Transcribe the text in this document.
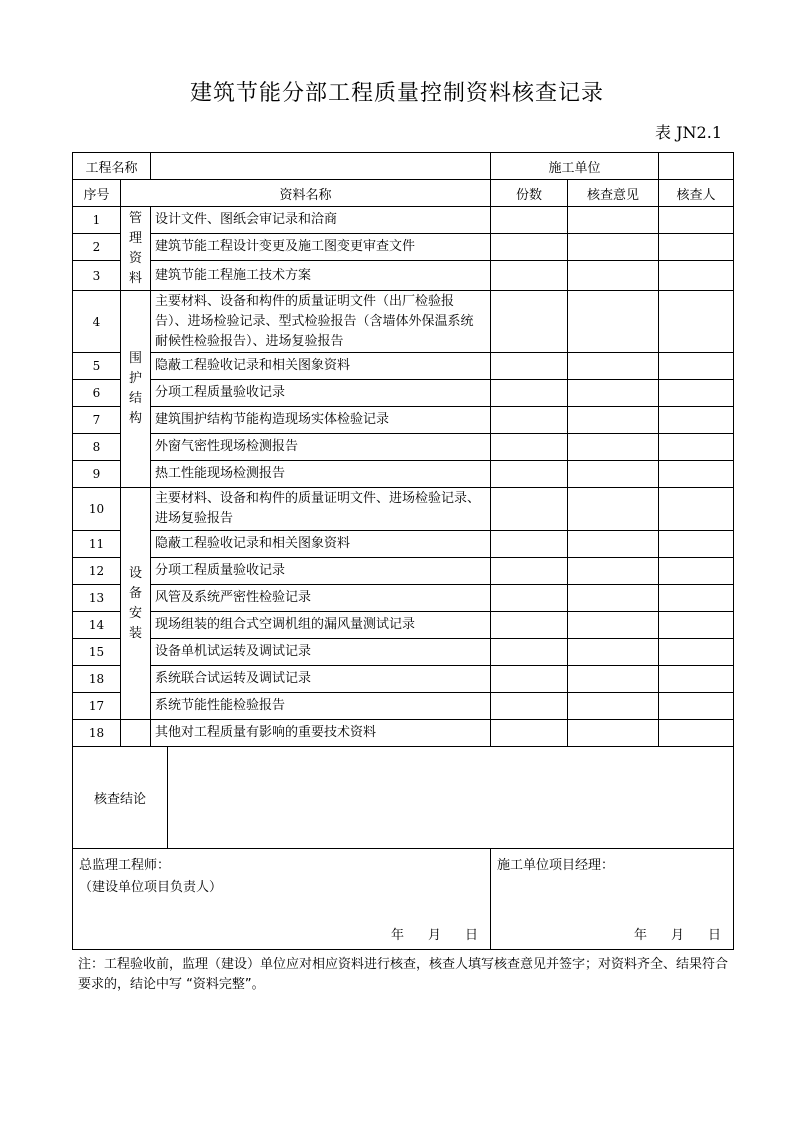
建筑节能分部工程质量控制资料核查记录
表 JN2.1
工程名称				施工单位		
序号	资料名称			份数	核查意见	核查人
1	管理资料	设计文件、图纸会审记录和洽商				
2		建筑节能工程设计变更及施工图变更审查文件				
3		建筑节能工程施工技术方案				
4	围护结构	主要材料、设备和构件的质量证明文件（出厂检验报告）、进场检验记录、型式检验报告（含墙体外保温系统耐候性检验报告）、进场复验报告				
5		隐蔽工程验收记录和相关图象资料				
6		分项工程质量验收记录				
7		建筑围护结构节能构造现场实体检验记录				
8		外窗气密性现场检测报告				
9		热工性能现场检测报告				
10	设备安装	主要材料、设备和构件的质量证明文件、进场检验记录、进场复验报告				
11		隐蔽工程验收记录和相关图象资料				
12		分项工程质量验收记录				
13		风管及系统严密性检验记录				
14		现场组装的组合式空调机组的漏风量测试记录				
15		设备单机试运转及调试记录				
18		系统联合试运转及调试记录				
17		系统节能性能检验报告				
18		其他对工程质量有影响的重要技术资料				
核查结论						

总监理工程师：
（建设单位项目负责人）
年 月 日				施工单位项目经理：
年 月 日		
注：工程验收前，监理（建设）单位应对相应资料进行核查，核查人填写核查意见并签字；对资料齐全、结果符合要求的，结论中写 “资料完整”。
